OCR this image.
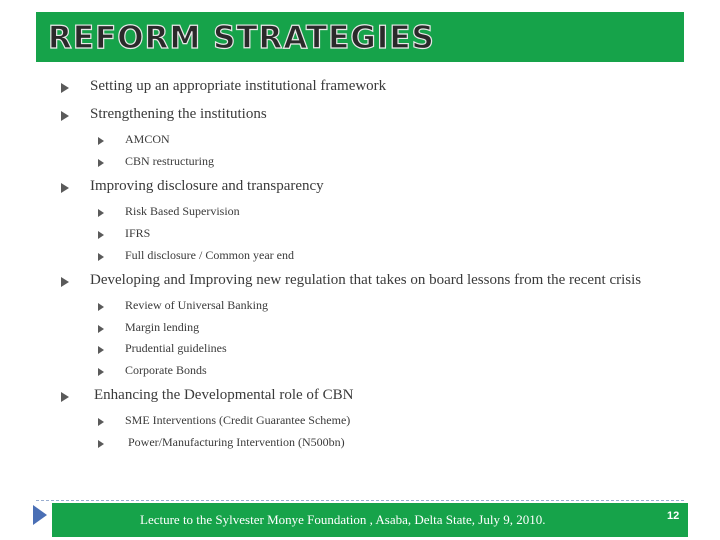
REFORM STRATEGIES
Setting up an appropriate institutional framework
Strengthening the institutions
AMCON
CBN restructuring
Improving disclosure and transparency
Risk Based Supervision
IFRS
Full disclosure / Common year end
Developing and Improving new regulation that takes on board lessons from the recent crisis
Review of Universal Banking
Margin lending
Prudential guidelines
Corporate Bonds
Enhancing the Developmental role of CBN
SME Interventions (Credit Guarantee Scheme)
Power/Manufacturing Intervention (N500bn)
Lecture to the Sylvester Monye Foundation , Asaba, Delta State, July 9, 2010.	12
